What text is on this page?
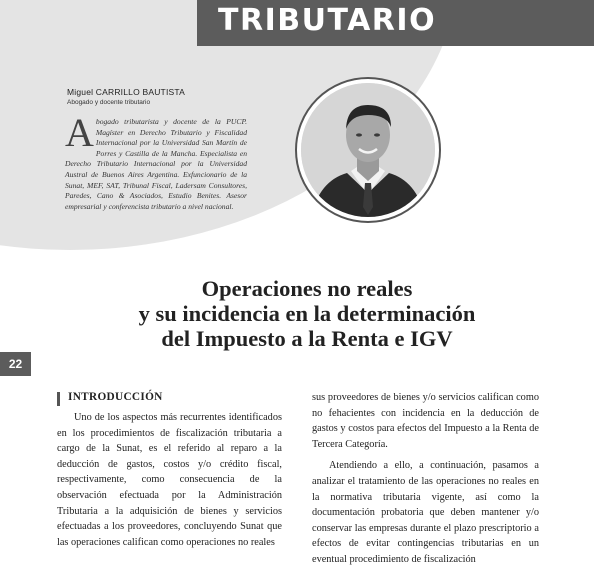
TRIBUTARIO
Miguel CARRILLO BAUTISTA
Abogado y docente tributario
A bogado tributarista y docente de la PUCP. Magíster en Derecho Tributario y Fiscalidad Internacional por la Universidad San Martín de Porres y Castilla de la Mancha. Especialista en Derecho Tributario Internacional por la Universidad Austral de Buenos Aires Argentina. Exfuncionario de la Sunat, MEF, SAT, Tribunal Fiscal, Ladersam Consultores, Paredes, Cano & Asociados, Estudio Benites. Asesor empresarial y conferencista tributario a nivel nacional.
Operaciones no reales
y su incidencia en la determinación
del Impuesto a la Renta e IGV
22
INTRODUCCIÓN

Uno de los aspectos más recurrentes identificados en los procedimientos de fiscalización tributaria a cargo de la Sunat, es el referido al reparo a la deducción de gastos, costos y/o crédito fiscal, respectivamente, como consecuencia de la observación efectuada por la Administración Tributaria a la adquisición de bienes y servicios efectuadas a los proveedores, concluyendo Sunat que las operaciones califican como operaciones no reales

sus proveedores de bienes y/o servicios califican como no fehacientes con incidencia en la deducción de gastos y costos para efectos del Impuesto a la Renta de Tercera Categoría.

Atendiendo a ello, a continuación, pasamos a analizar el tratamiento de las operaciones no reales en la normativa tributaria vigente, así como la documentación probatoria que deben mantener y/o conservar las empresas durante el plazo prescriptorio a efectos de evitar contingencias tributarias en un eventual procedimiento de fiscalización
